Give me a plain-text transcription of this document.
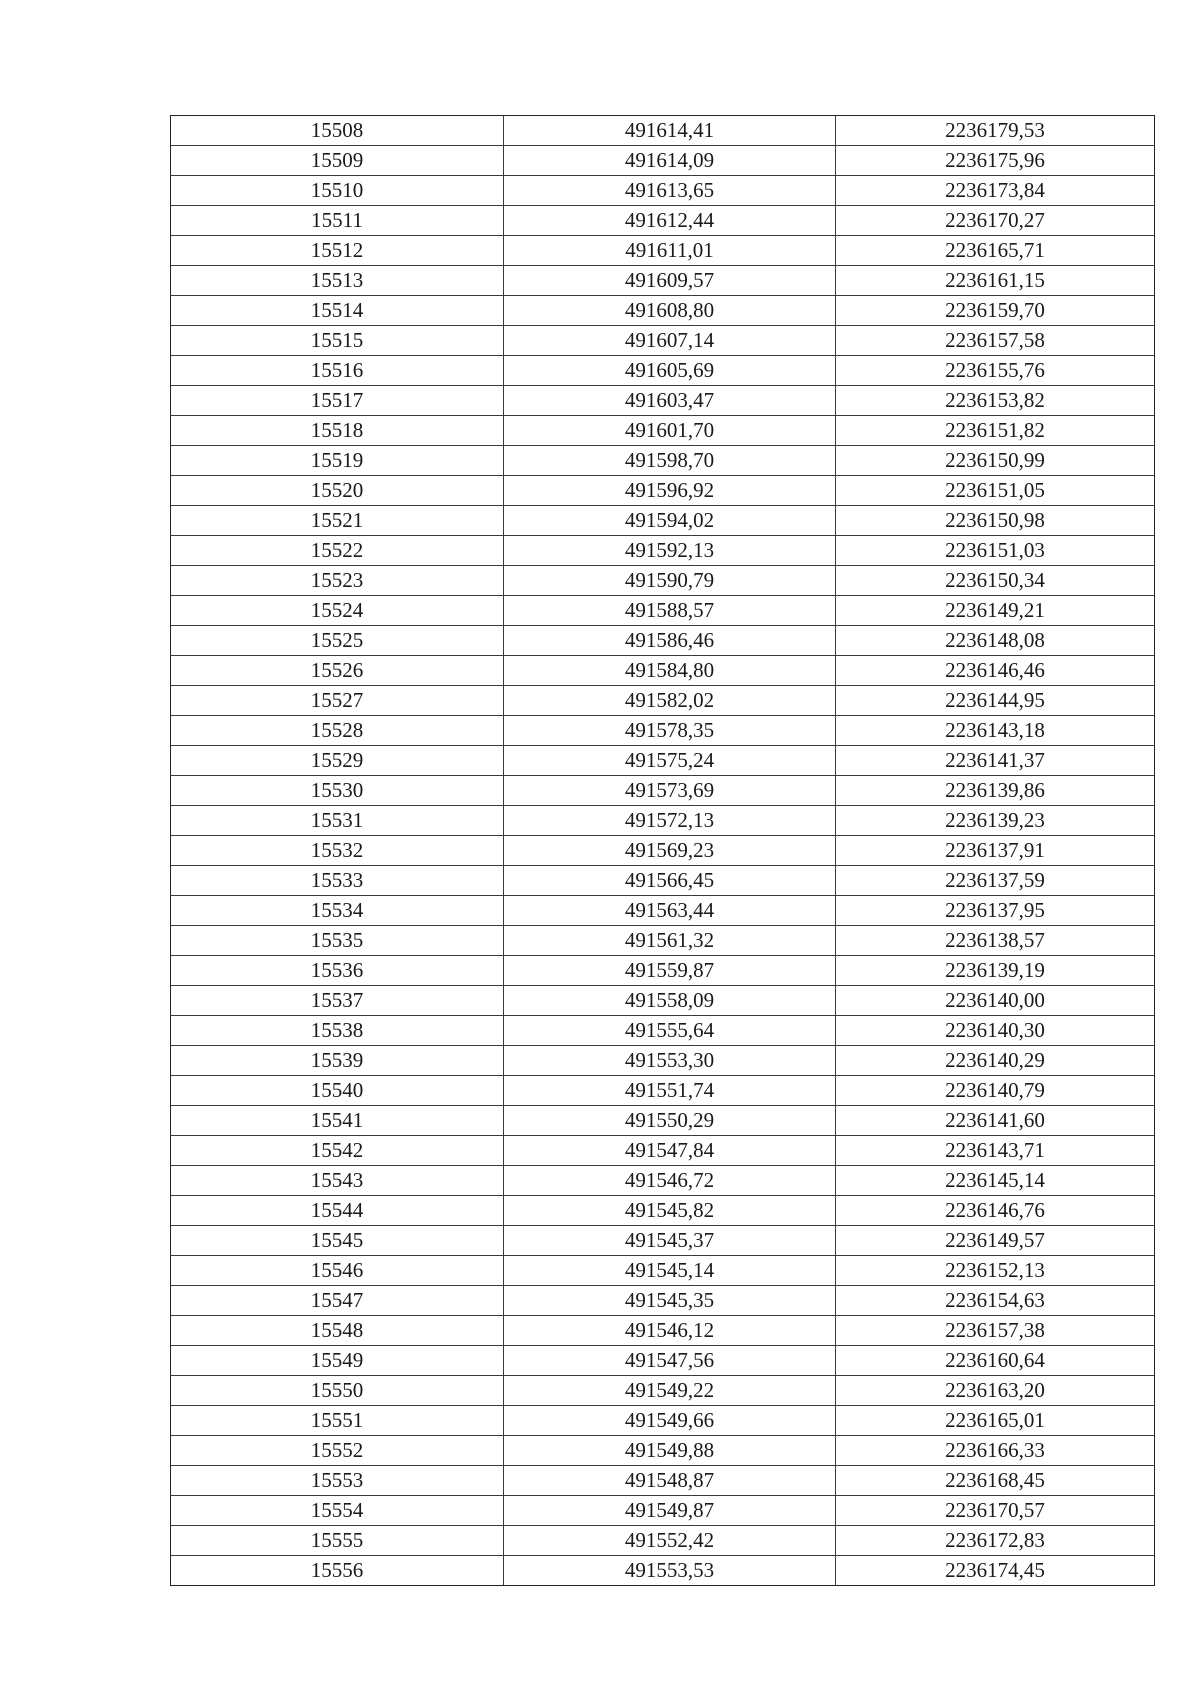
15508	491614,41	2236179,53
15509	491614,09	2236175,96
15510	491613,65	2236173,84
15511	491612,44	2236170,27
15512	491611,01	2236165,71
15513	491609,57	2236161,15
15514	491608,80	2236159,70
15515	491607,14	2236157,58
15516	491605,69	2236155,76
15517	491603,47	2236153,82
15518	491601,70	2236151,82
15519	491598,70	2236150,99
15520	491596,92	2236151,05
15521	491594,02	2236150,98
15522	491592,13	2236151,03
15523	491590,79	2236150,34
15524	491588,57	2236149,21
15525	491586,46	2236148,08
15526	491584,80	2236146,46
15527	491582,02	2236144,95
15528	491578,35	2236143,18
15529	491575,24	2236141,37
15530	491573,69	2236139,86
15531	491572,13	2236139,23
15532	491569,23	2236137,91
15533	491566,45	2236137,59
15534	491563,44	2236137,95
15535	491561,32	2236138,57
15536	491559,87	2236139,19
15537	491558,09	2236140,00
15538	491555,64	2236140,30
15539	491553,30	2236140,29
15540	491551,74	2236140,79
15541	491550,29	2236141,60
15542	491547,84	2236143,71
15543	491546,72	2236145,14
15544	491545,82	2236146,76
15545	491545,37	2236149,57
15546	491545,14	2236152,13
15547	491545,35	2236154,63
15548	491546,12	2236157,38
15549	491547,56	2236160,64
15550	491549,22	2236163,20
15551	491549,66	2236165,01
15552	491549,88	2236166,33
15553	491548,87	2236168,45
15554	491549,87	2236170,57
15555	491552,42	2236172,83
15556	491553,53	2236174,45
